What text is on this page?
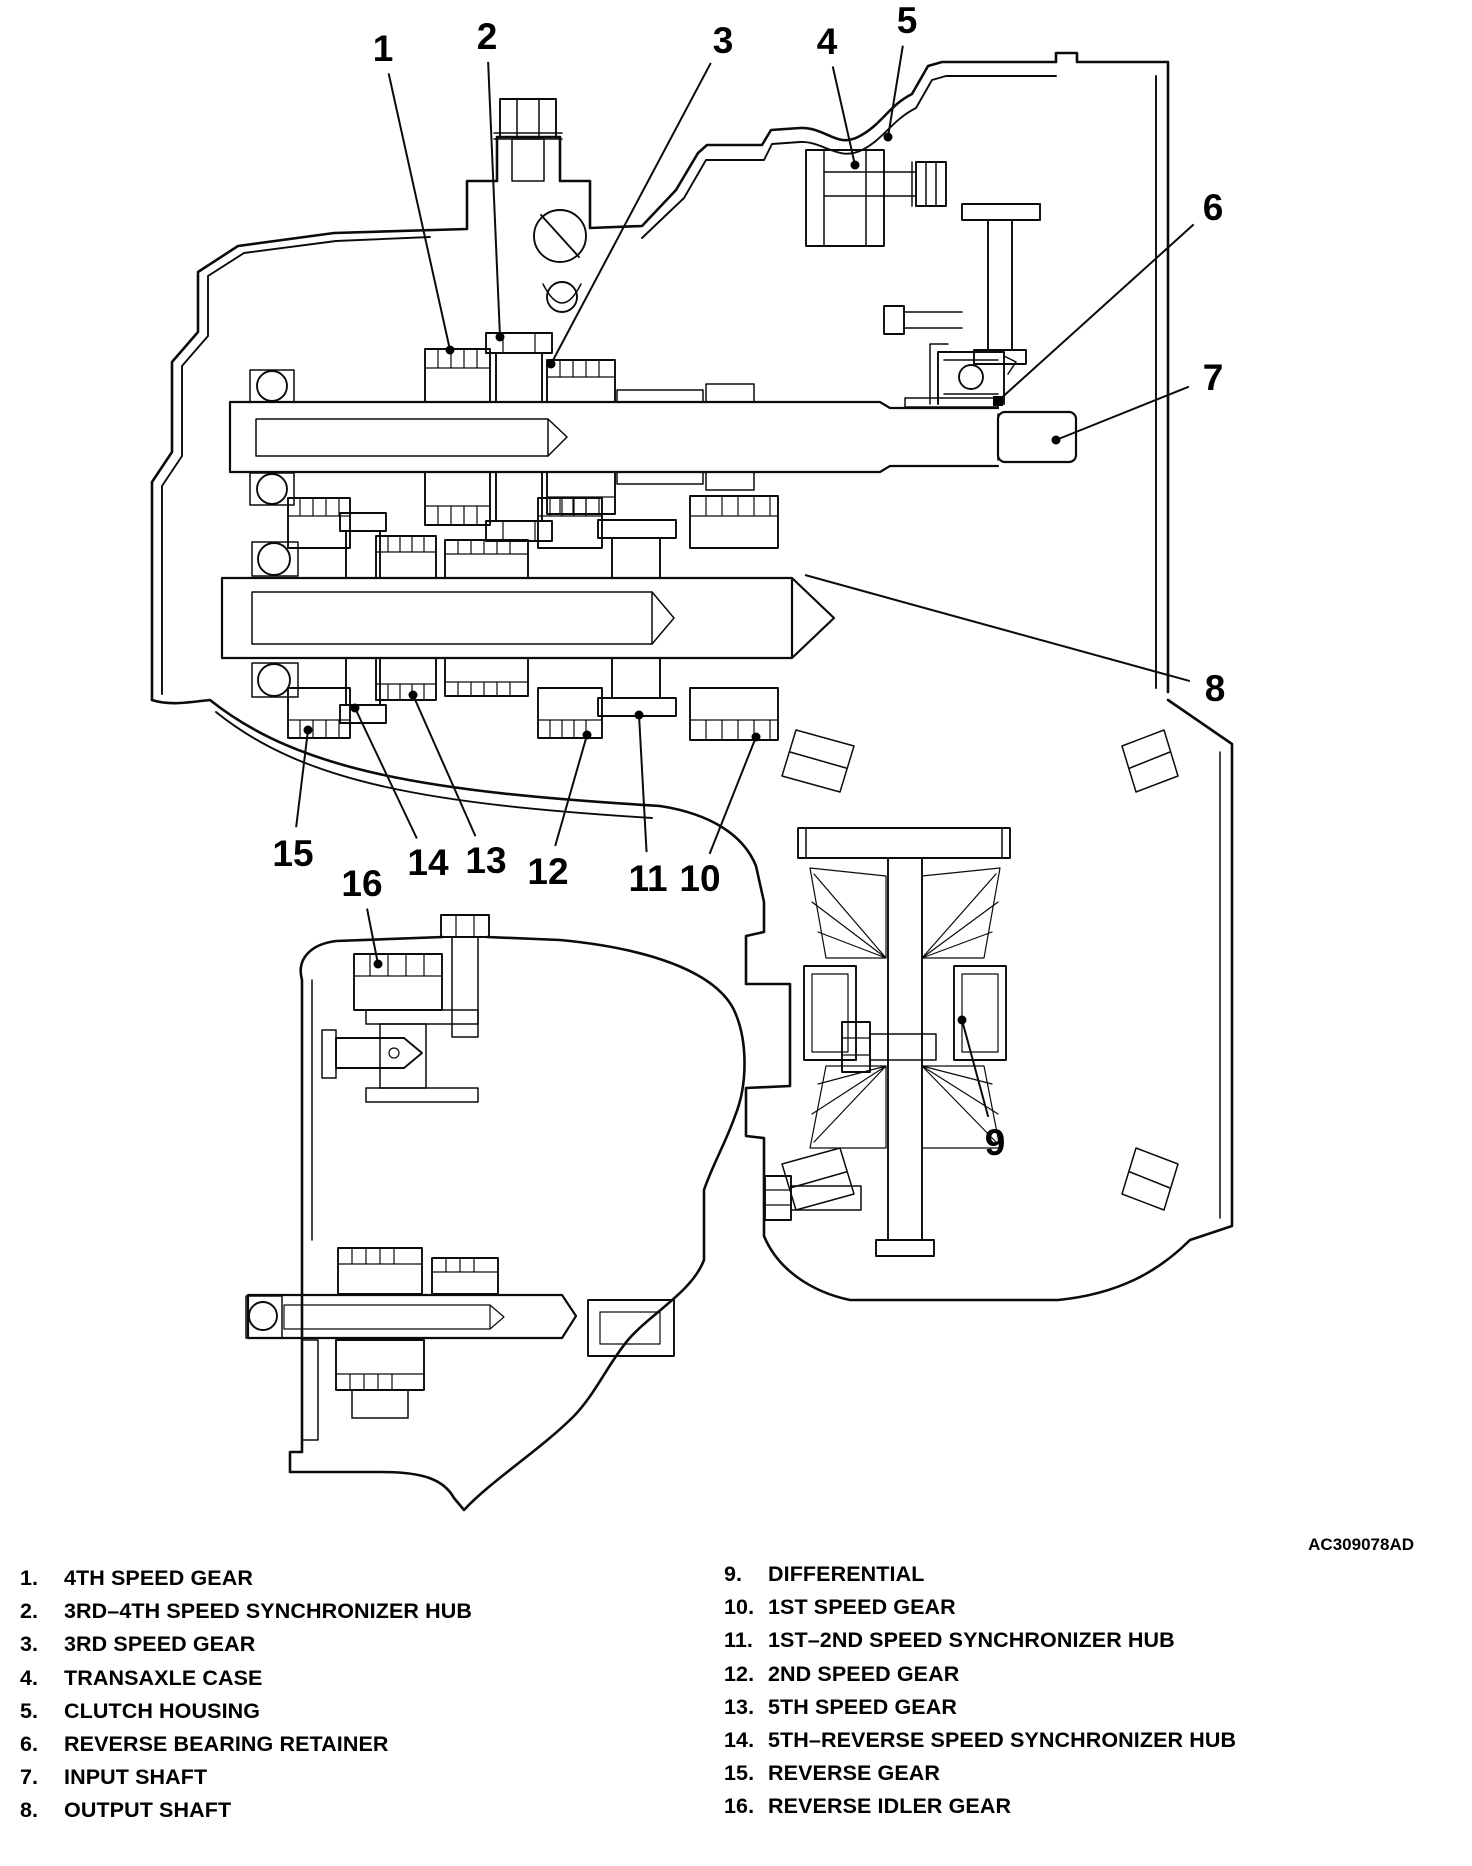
1 2	3 4
5
6
7
8
9
10
11
12
13
14
15
16
AC309078AD
1.	4TH SPEED GEAR
2.	3RD–4TH SPEED SYNCHRONIZER HUB
3.	3RD SPEED GEAR
4.	TRANSAXLE CASE
5.	CLUTCH HOUSING
6.	REVERSE BEARING RETAINER
7.	INPUT SHAFT
8.	OUTPUT SHAFT
9.	DIFFERENTIAL
10. 1ST SPEED GEAR
11. 1ST–2ND SPEED SYNCHRONIZER HUB
12. 2ND SPEED GEAR
13. 5TH SPEED GEAR
14. 5TH–REVERSE SPEED SYNCHRONIZER HUB
15. REVERSE GEAR
16. REVERSE IDLER GEAR
